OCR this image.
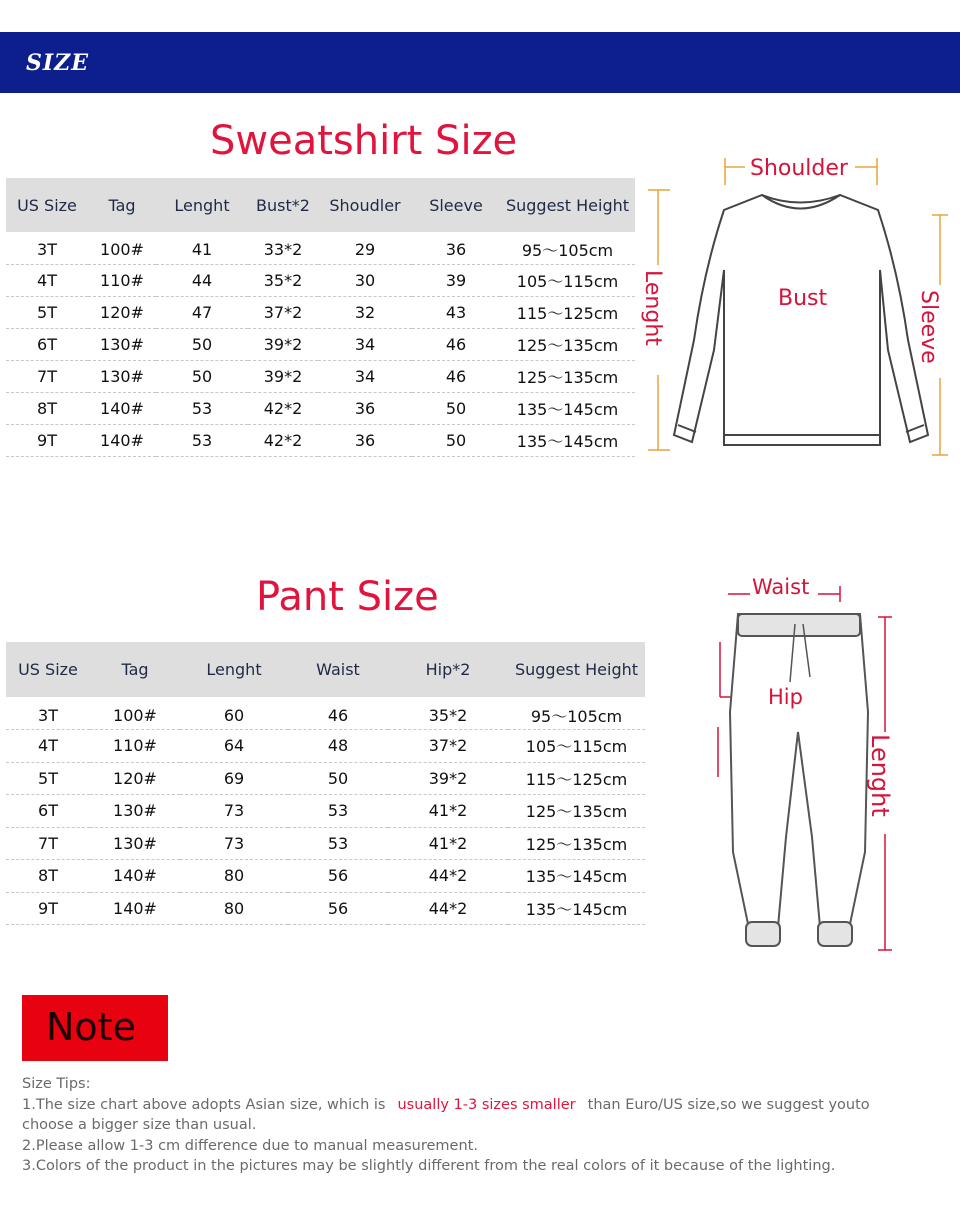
SIZE
Sweatshirt Size
US Size	Tag	Lenght	Bust*2	Shoudler	Sleeve	Suggest Height
3T	100#	41	33*2	29	36	95～105cm
4T	110#	44	35*2	30	39	105～115cm
5T	120#	47	37*2	32	43	115～125cm
6T	130#	50	39*2	34	46	125～135cm
7T	130#	50	39*2	34	46	125～135cm
8T	140#	53	42*2	36	50	135～145cm
9T	140#	53	42*2	36	50	135～145cm
Shoulder
Bust
Lenght	Sleeve
Pant Size
US Size	Tag	Lenght	Waist	Hip*2	Suggest Height
3T	100#	60	46	35*2	95～105cm
4T	110#	64	48	37*2	105～115cm
5T	120#	69	50	39*2	115～125cm
6T	130#	73	53	41*2	125～135cm
7T	130#	73	53	41*2	125～135cm
8T	140#	80	56	44*2	135～145cm
9T	140#	80	56	44*2	135～145cm
Waist
Hip
Lenght
Note
Size Tips:
1.The size chart above adopts Asian size, which is usually 1-3 sizes smaller than Euro/US size,so we suggest youto
choose a bigger size than usual.
2.Please allow 1-3 cm difference due to manual measurement.
3.Colors of the product in the pictures may be slightly different from the real colors of it because of the lighting.
